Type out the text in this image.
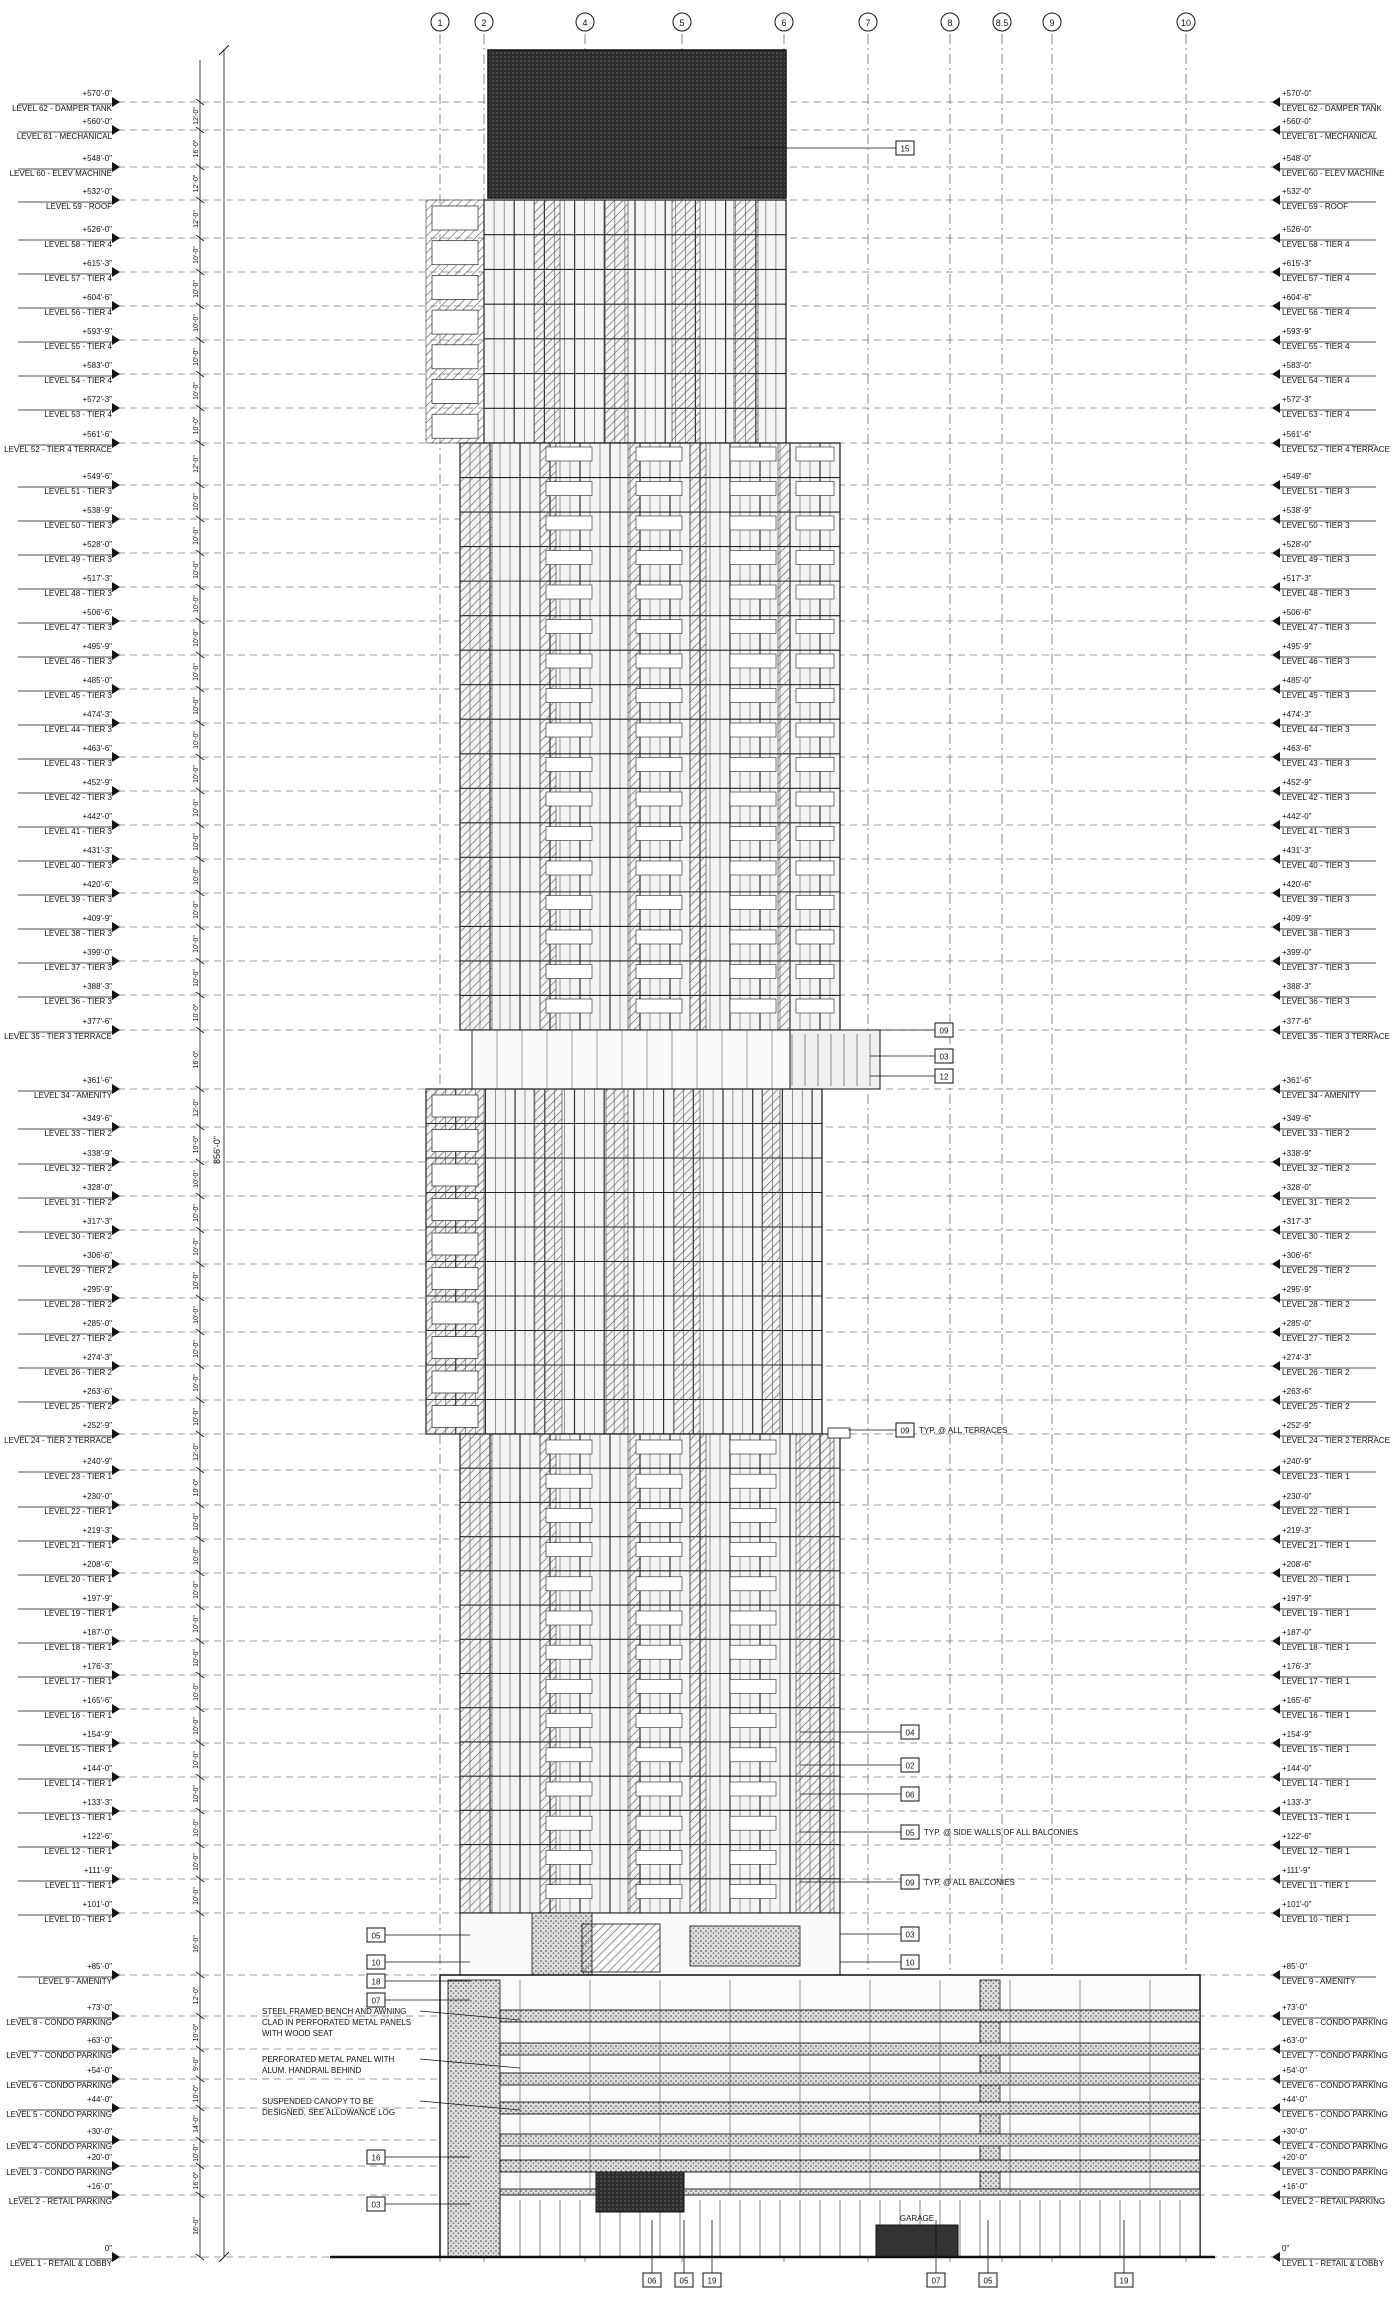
1	2	4	5	6	7	8	8.5	9	10
12'-0"
16'-0"
12'-0"
12'-0"
10'-0"
10'-0"
10'-0"
10'-0"
10'-0"
10'-0"
12'-0"
10'-0"
10'-0"
10'-0"
10'-0"
10'-0"
10'-0"
10'-0"
10'-0"
10'-0"
10'-0"
10'-0"
10'-0"
10'-0"
10'-0"
10'-0"
10'-0"
16'-0"
12'-0"
10'-0"
10'-0"
10'-0"
10'-0"
10'-0"
10'-0"
10'-0"
10'-0"
10'-0"
12'-0"
10'-0"
10'-0"
10'-0"
10'-0"
10'-0"
10'-0"
10'-0"
10'-0"
10'-0"
10'-0"
10'-0"
10'-0"
10'-0"
16'-0"
12'-0"
10'-0"
9'-0"
10'-0"
14'-0"
10'-0"
16'-0"
16'-0"
856'-0"
GARAGE
+570'-0"
LEVEL 62 - DAMPER TANK
+560'-0"
LEVEL 61 - MECHANICAL
+548'-0"
LEVEL 60 - ELEV MACHINE
+532'-0"
LEVEL 59 - ROOF
+526'-0"
LEVEL 58 - TIER 4
+615'-3"
LEVEL 57 - TIER 4
+604'-6"
LEVEL 56 - TIER 4
+593'-9"
LEVEL 55 - TIER 4
+583'-0"
LEVEL 54 - TIER 4
+572'-3"
LEVEL 53 - TIER 4
+561'-6"
LEVEL 52 - TIER 4 TERRACE
+549'-6"
LEVEL 51 - TIER 3
+538'-9"
LEVEL 50 - TIER 3
+528'-0"
LEVEL 49 - TIER 3
+517'-3"
LEVEL 48 - TIER 3
+506'-6"
LEVEL 47 - TIER 3
+495'-9"
LEVEL 46 - TIER 3
+485'-0"
LEVEL 45 - TIER 3
+474'-3"
LEVEL 44 - TIER 3
+463'-6"
LEVEL 43 - TIER 3
+452'-9"
LEVEL 42 - TIER 3
+442'-0"
LEVEL 41 - TIER 3
+431'-3"
LEVEL 40 - TIER 3
+420'-6"
LEVEL 39 - TIER 3
+409'-9"
LEVEL 38 - TIER 3
+399'-0"
LEVEL 37 - TIER 3
+388'-3"
LEVEL 36 - TIER 3
+377'-6"
LEVEL 35 - TIER 3 TERRACE
+361'-6"
LEVEL 34 - AMENITY
+349'-6"
LEVEL 33 - TIER 2
+338'-9"
LEVEL 32 - TIER 2
+328'-0"
LEVEL 31 - TIER 2
+317'-3"
LEVEL 30 - TIER 2
+306'-6"
LEVEL 29 - TIER 2
+295'-9"
LEVEL 28 - TIER 2
+285'-0"
LEVEL 27 - TIER 2
+274'-3"
LEVEL 26 - TIER 2
+263'-6"
LEVEL 25 - TIER 2
+252'-9"
LEVEL 24 - TIER 2 TERRACE
+240'-9"
LEVEL 23 - TIER 1
+230'-0"
LEVEL 22 - TIER 1
+219'-3"
LEVEL 21 - TIER 1
+208'-6"
LEVEL 20 - TIER 1
+197'-9"
LEVEL 19 - TIER 1
+187'-0"
LEVEL 18 - TIER 1
+176'-3"
LEVEL 17 - TIER 1
+165'-6"
LEVEL 16 - TIER 1
+154'-9"
LEVEL 15 - TIER 1
+144'-0"
LEVEL 14 - TIER 1
+133'-3"
LEVEL 13 - TIER 1
+122'-6"
LEVEL 12 - TIER 1
+111'-9"
LEVEL 11 - TIER 1
+101'-0"
LEVEL 10 - TIER 1
+85'-0"
LEVEL 9 - AMENITY
+73'-0"
LEVEL 8 - CONDO PARKING
+63'-0"
LEVEL 7 - CONDO PARKING
+54'-0"
LEVEL 6 - CONDO PARKING
+44'-0"
LEVEL 5 - CONDO PARKING
+30'-0"
LEVEL 4 - CONDO PARKING
+20'-0"
LEVEL 3 - CONDO PARKING
+16'-0"
LEVEL 2 - RETAIL PARKING
0"
LEVEL 1 - RETAIL & LOBBY
+570'-0"
LEVEL 62 - DAMPER TANK
+560'-0"
LEVEL 61 - MECHANICAL
+548'-0"
LEVEL 60 - ELEV MACHINE
+532'-0"
LEVEL 59 - ROOF
+526'-0"
LEVEL 58 - TIER 4
+615'-3"
LEVEL 57 - TIER 4
+604'-6"
LEVEL 56 - TIER 4
+593'-9"
LEVEL 55 - TIER 4
+583'-0"
LEVEL 54 - TIER 4
+572'-3"
LEVEL 53 - TIER 4
+561'-6"
LEVEL 52 - TIER 4 TERRACE
+549'-6"
LEVEL 51 - TIER 3
+538'-9"
LEVEL 50 - TIER 3
+528'-0"
LEVEL 49 - TIER 3
+517'-3"
LEVEL 48 - TIER 3
+506'-6"
LEVEL 47 - TIER 3
+495'-9"
LEVEL 46 - TIER 3
+485'-0"
LEVEL 45 - TIER 3
+474'-3"
LEVEL 44 - TIER 3
+463'-6"
LEVEL 43 - TIER 3
+452'-9"
LEVEL 42 - TIER 3
+442'-0"
LEVEL 41 - TIER 3
+431'-3"
LEVEL 40 - TIER 3
+420'-6"
LEVEL 39 - TIER 3
+409'-9"
LEVEL 38 - TIER 3
+399'-0"
LEVEL 37 - TIER 3
+388'-3"
LEVEL 36 - TIER 3
+377'-6"
LEVEL 35 - TIER 3 TERRACE
+361'-6"
LEVEL 34 - AMENITY
+349'-6"
LEVEL 33 - TIER 2
+338'-9"
LEVEL 32 - TIER 2
+328'-0"
LEVEL 31 - TIER 2
+317'-3"
LEVEL 30 - TIER 2
+306'-6"
LEVEL 29 - TIER 2
+295'-9"
LEVEL 28 - TIER 2
+285'-0"
LEVEL 27 - TIER 2
+274'-3"
LEVEL 26 - TIER 2
+263'-6"
LEVEL 25 - TIER 2
+252'-9"
LEVEL 24 - TIER 2 TERRACE
+240'-9"
LEVEL 23 - TIER 1
+230'-0"
LEVEL 22 - TIER 1
+219'-3"
LEVEL 21 - TIER 1
+208'-6"
LEVEL 20 - TIER 1
+197'-9"
LEVEL 19 - TIER 1
+187'-0"
LEVEL 18 - TIER 1
+176'-3"
LEVEL 17 - TIER 1
+165'-6"
LEVEL 16 - TIER 1
+154'-9"
LEVEL 15 - TIER 1
+144'-0"
LEVEL 14 - TIER 1
+133'-3"
LEVEL 13 - TIER 1
+122'-6"
LEVEL 12 - TIER 1
+111'-9"
LEVEL 11 - TIER 1
+101'-0"
LEVEL 10 - TIER 1
+85'-0"
LEVEL 9 - AMENITY
+73'-0"
LEVEL 8 - CONDO PARKING
+63'-0"
LEVEL 7 - CONDO PARKING
+54'-0"
LEVEL 6 - CONDO PARKING
+44'-0"
LEVEL 5 - CONDO PARKING
+30'-0"
LEVEL 4 - CONDO PARKING
+20'-0"
LEVEL 3 - CONDO PARKING
+16'-0"
LEVEL 2 - RETAIL PARKING
0"
LEVEL 1 - RETAIL & LOBBY
15
09
03
12
09 TYP. @ ALL TERRACES
04
02
06
05 TYP. @ SIDE WALLS OF ALL BALCONIES
09 TYP. @ ALL BALCONIES
03
10
05
10
18
07
16
03
06	05 19	07	05	19
STEEL FRAMED BENCH AND AWNING CLAD IN PERFORATED METAL PANELS WITH WOOD SEAT
PERFORATED METAL PANEL WITH ALUM. HANDRAIL BEHIND
SUSPENDED CANOPY TO BE DESIGNED, SEE ALLOWANCE LOG
